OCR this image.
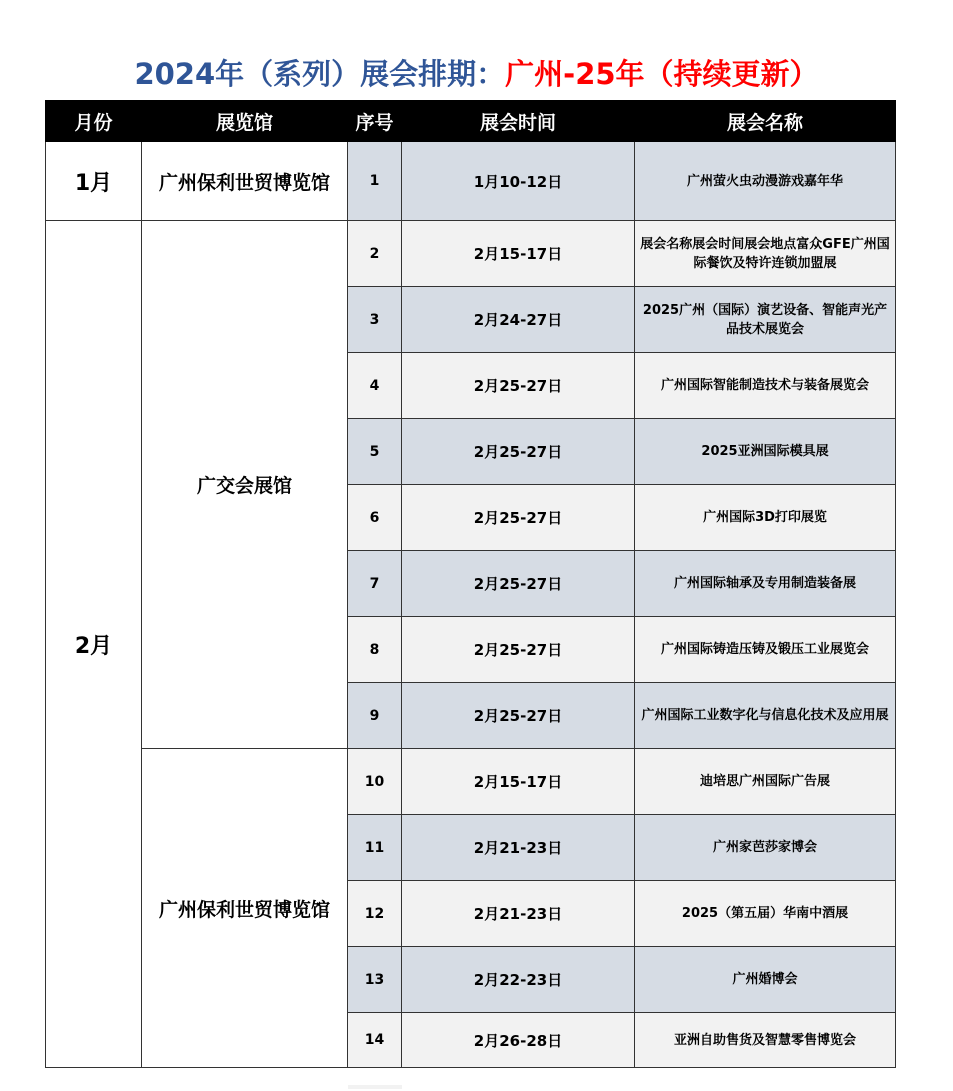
2024年（系列）展会排期：广州-25年（持续更新）
月份	展览馆	序号	展会时间	展会名称
1月	广州保利世贸博览馆	1	1月10-12日	广州萤火虫动漫游戏嘉年华
2月	广交会展馆	2	2月15-17日	展会名称展会时间展会地点富众GFE广州国际餐饮及特许连锁加盟展
		3	2月24-27日	2025广州（国际）演艺设备、智能声光产品技术展览会
		4	2月25-27日	广州国际智能制造技术与装备展览会
		5	2月25-27日	2025亚洲国际模具展
		6	2月25-27日	广州国际3D打印展览
		7	2月25-27日	广州国际轴承及专用制造装备展
		8	2月25-27日	广州国际铸造压铸及锻压工业展览会
		9	2月25-27日	广州国际工业数字化与信息化技术及应用展
	广州保利世贸博览馆	10	2月15-17日	迪培思广州国际广告展
		11	2月21-23日	广州家芭莎家博会
		12	2月21-23日	2025（第五届）华南中酒展
		13	2月22-23日	广州婚博会
		14	2月26-28日	亚洲自助售货及智慧零售博览会
